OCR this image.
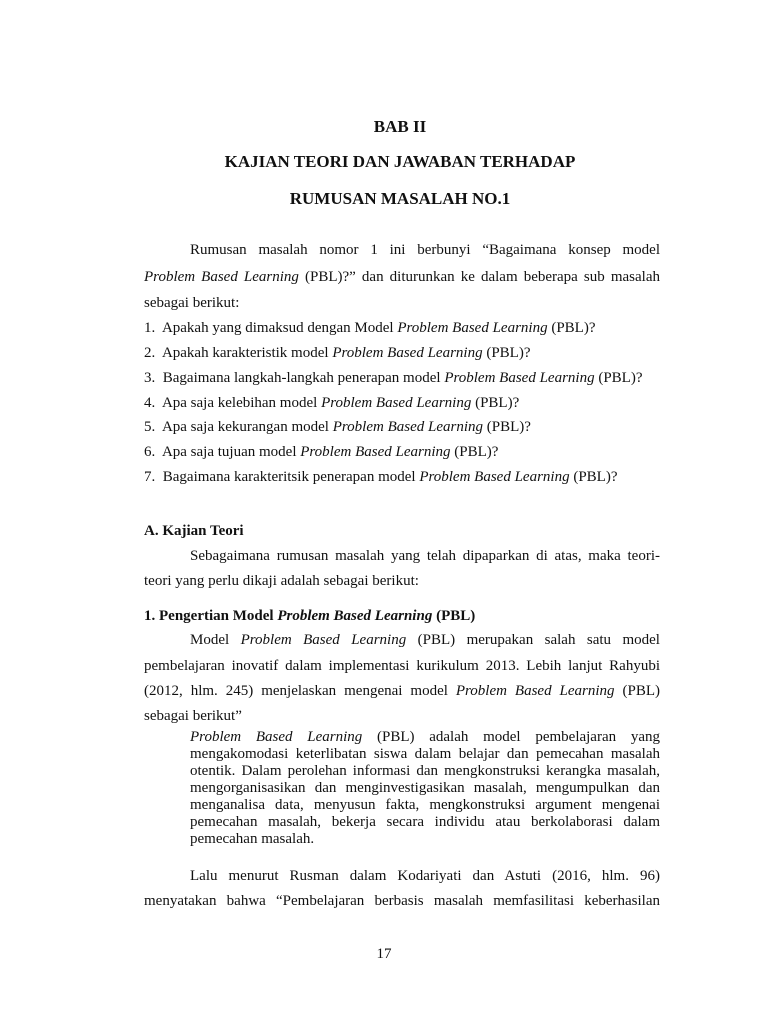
BAB II

KAJIAN TEORI DAN JAWABAN TERHADAP

RUMUSAN MASALAH NO.1

Rumusan masalah nomor 1 ini berbunyi “Bagaimana konsep model

Problem Based Learning (PBL)?” dan diturunkan ke dalam beberapa sub masalah

sebagai berikut:

1. Apakah yang dimaksud dengan Model Problem Based Learning (PBL)?

2. Apakah karakteristik model Problem Based Learning (PBL)?

3. Bagaimana langkah-langkah penerapan model Problem Based Learning (PBL)?

4. Apa saja kelebihan model Problem Based Learning (PBL)?

5. Apa saja kekurangan model Problem Based Learning (PBL)?

6. Apa saja tujuan model Problem Based Learning (PBL)?

7. Bagaimana karakteritsik penerapan model Problem Based Learning (PBL)?

A. Kajian Teori

Sebagaimana rumusan masalah yang telah dipaparkan di atas, maka teori-

teori yang perlu dikaji adalah sebagai berikut:

1. Pengertian Model Problem Based Learning (PBL)

Model Problem Based Learning (PBL) merupakan salah satu model

pembelajaran inovatif dalam implementasi kurikulum 2013. Lebih lanjut Rahyubi

(2012, hlm. 245) menjelaskan mengenai model Problem Based Learning (PBL)

sebagai berikut”

Problem Based Learning (PBL) adalah model pembelajaran yang
mengakomodasi keterlibatan siswa dalam belajar dan pemecahan masalah
otentik. Dalam perolehan informasi dan mengkonstruksi kerangka masalah,
mengorganisasikan dan menginvestigasikan masalah, mengumpulkan dan
menganalisa data, menyusun fakta, mengkonstruksi argument mengenai
pemecahan masalah, bekerja secara individu atau berkolaborasi dalam
pemecahan masalah.

Lalu menurut Rusman dalam Kodariyati dan Astuti (2016, hlm. 96)

menyatakan bahwa “Pembelajaran berbasis masalah memfasilitasi keberhasilan

17
